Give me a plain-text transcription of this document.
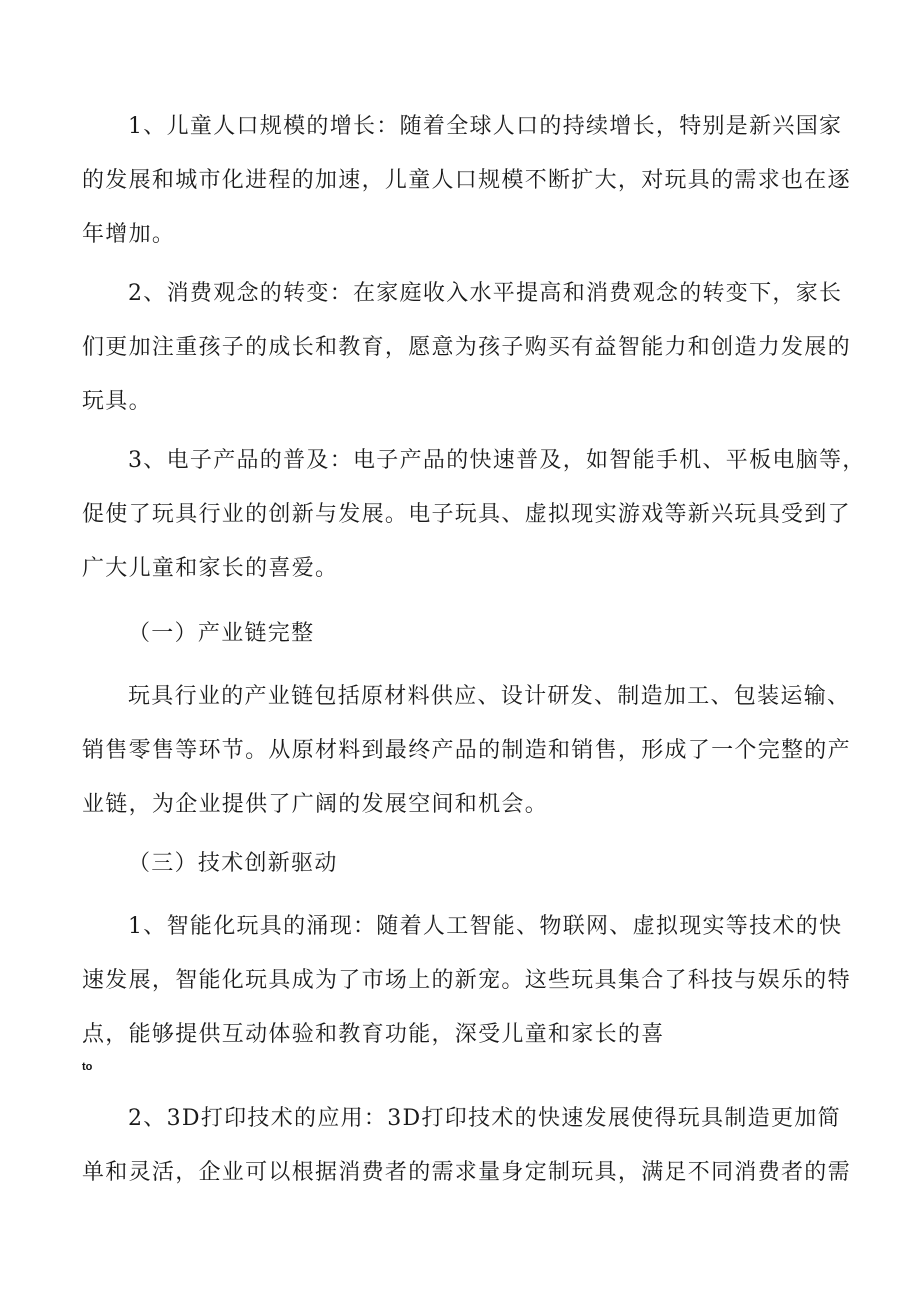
1、儿童人口规模的增长：随着全球人口的持续增长，特别是新兴国家
的发展和城市化进程的加速，儿童人口规模不断扩大，对玩具的需求也在逐
年增加。
2、消费观念的转变：在家庭收入水平提高和消费观念的转变下，家长
们更加注重孩子的成长和教育，愿意为孩子购买有益智能力和创造力发展的
玩具。
3、电子产品的普及：电子产品的快速普及，如智能手机、平板电脑等，
促使了玩具行业的创新与发展。电子玩具、虚拟现实游戏等新兴玩具受到了
广大儿童和家长的喜爱。
（一）产业链完整
玩具行业的产业链包括原材料供应、设计研发、制造加工、包装运输、
销售零售等环节。从原材料到最终产品的制造和销售，形成了一个完整的产
业链，为企业提供了广阔的发展空间和机会。
（三）技术创新驱动
1、智能化玩具的涌现：随着人工智能、物联网、虚拟现实等技术的快
速发展，智能化玩具成为了市场上的新宠。这些玩具集合了科技与娱乐的特
点，能够提供互动体验和教育功能，深受儿童和家长的喜
to
2、3D打印技术的应用：3D打印技术的快速发展使得玩具制造更加简
单和灵活，企业可以根据消费者的需求量身定制玩具，满足不同消费者的需
